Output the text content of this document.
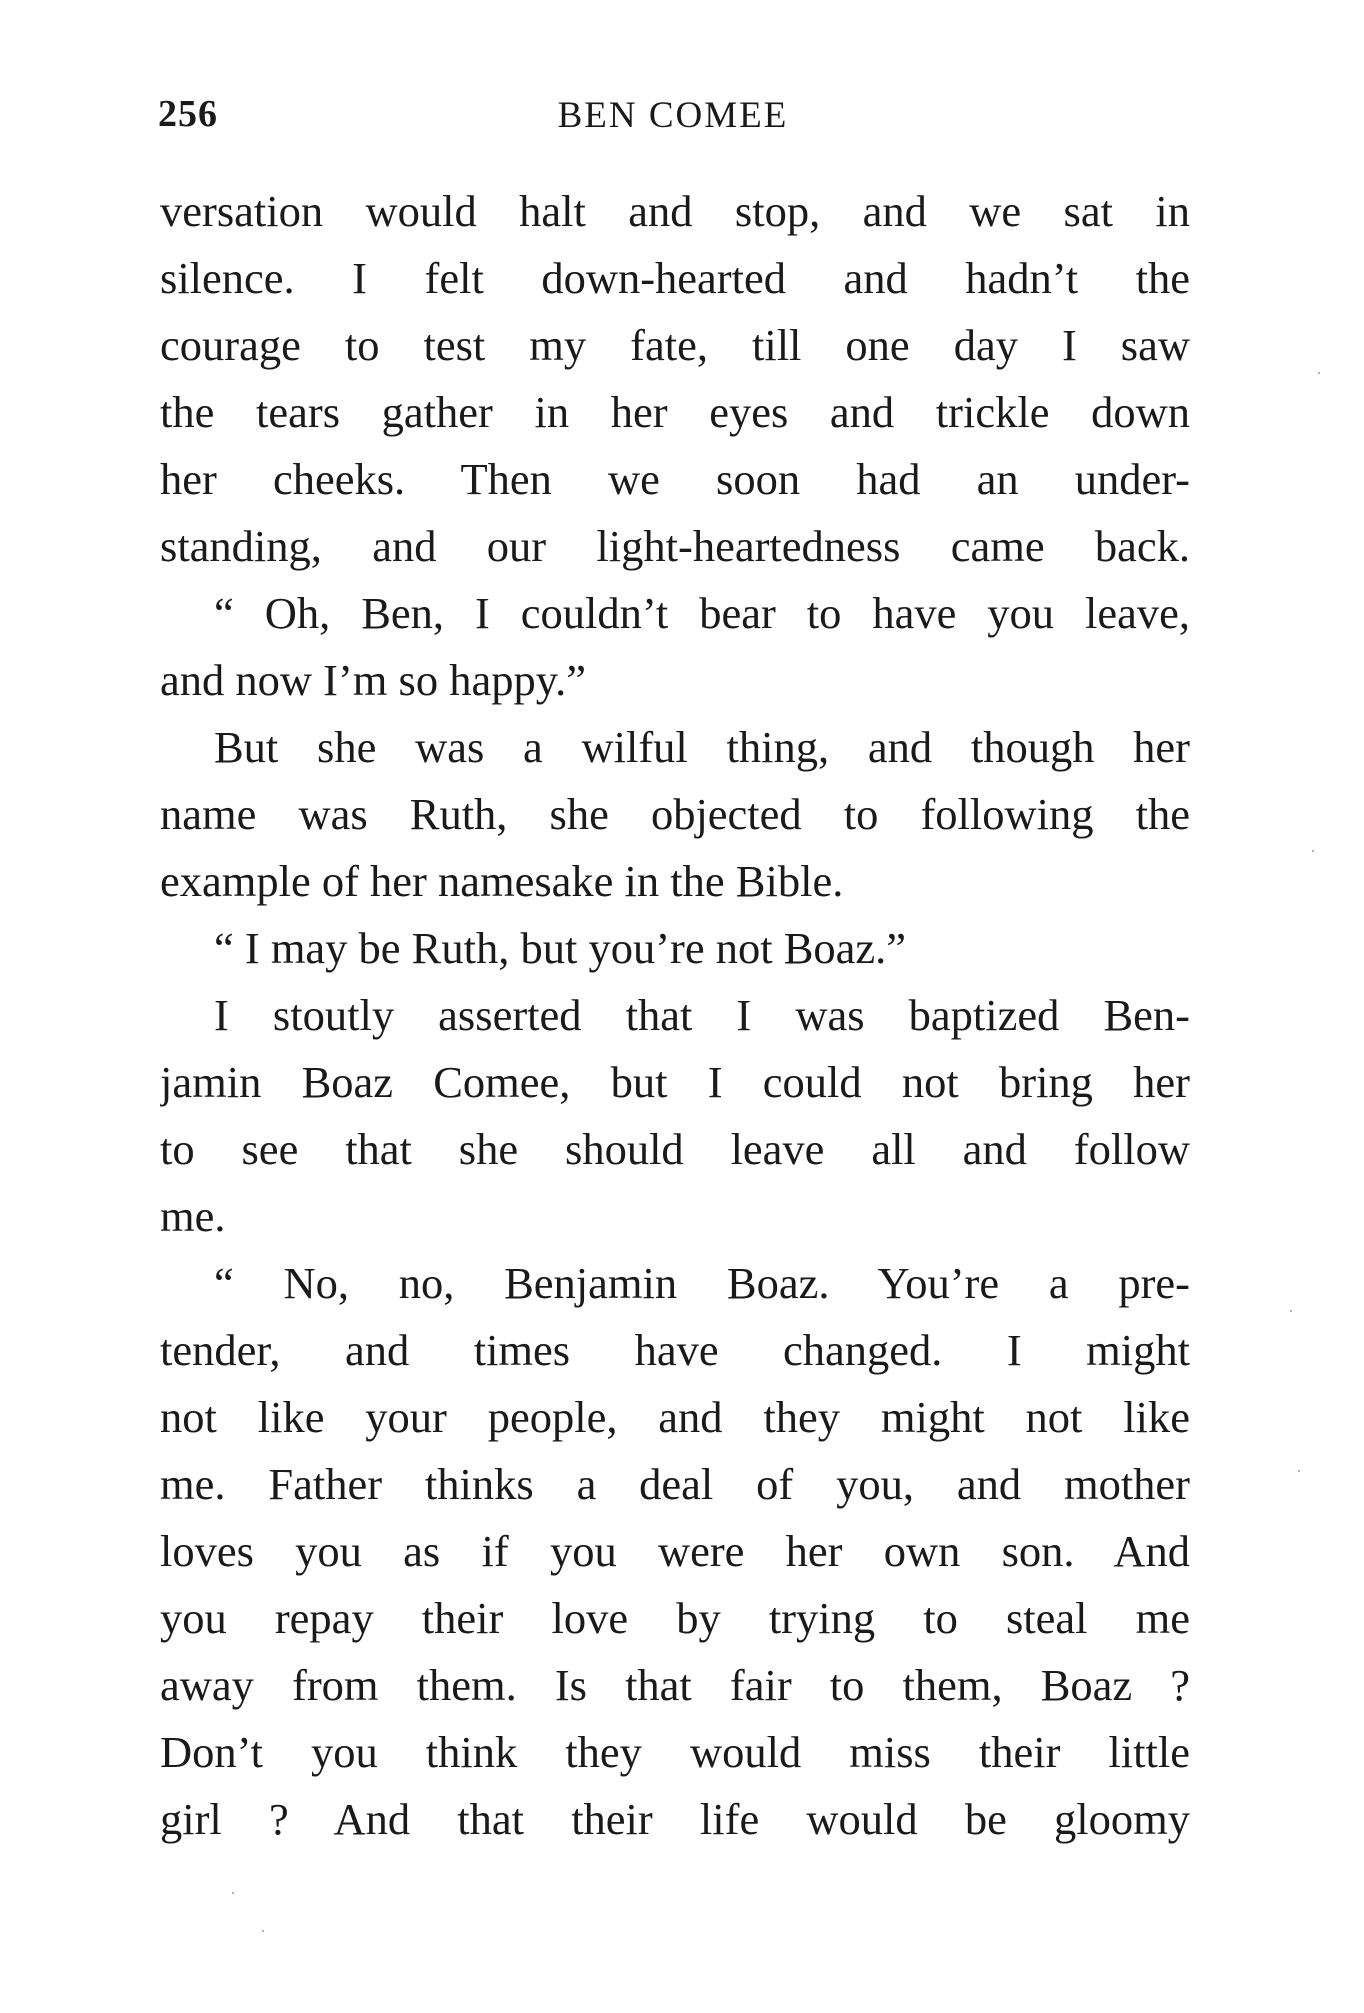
256	BEN COMEE
versation would halt and stop, and we sat in
silence. I felt down-hearted and hadn’t the
courage to test my fate, till one day I saw
the tears gather in her eyes and trickle down
her cheeks. Then we soon had an under-
standing, and our light-heartedness came back.
“ Oh, Ben, I couldn’t bear to have you leave,
and now I’m so happy.”
But she was a wilful thing, and though her
name was Ruth, she objected to following the
example of her namesake in the Bible.
“ I may be Ruth, but you’re not Boaz.”
I stoutly asserted that I was baptized Ben-
jamin Boaz Comee, but I could not bring her
to see that she should leave all and follow
me.
“ No, no, Benjamin Boaz. You’re a pre-
tender, and times have changed. I might
not like your people, and they might not like
me. Father thinks a deal of you, and mother
loves you as if you were her own son. And
you repay their love by trying to steal me
away from them. Is that fair to them, Boaz ?
Don’t you think they would miss their little
girl ? And that their life would be gloomy
